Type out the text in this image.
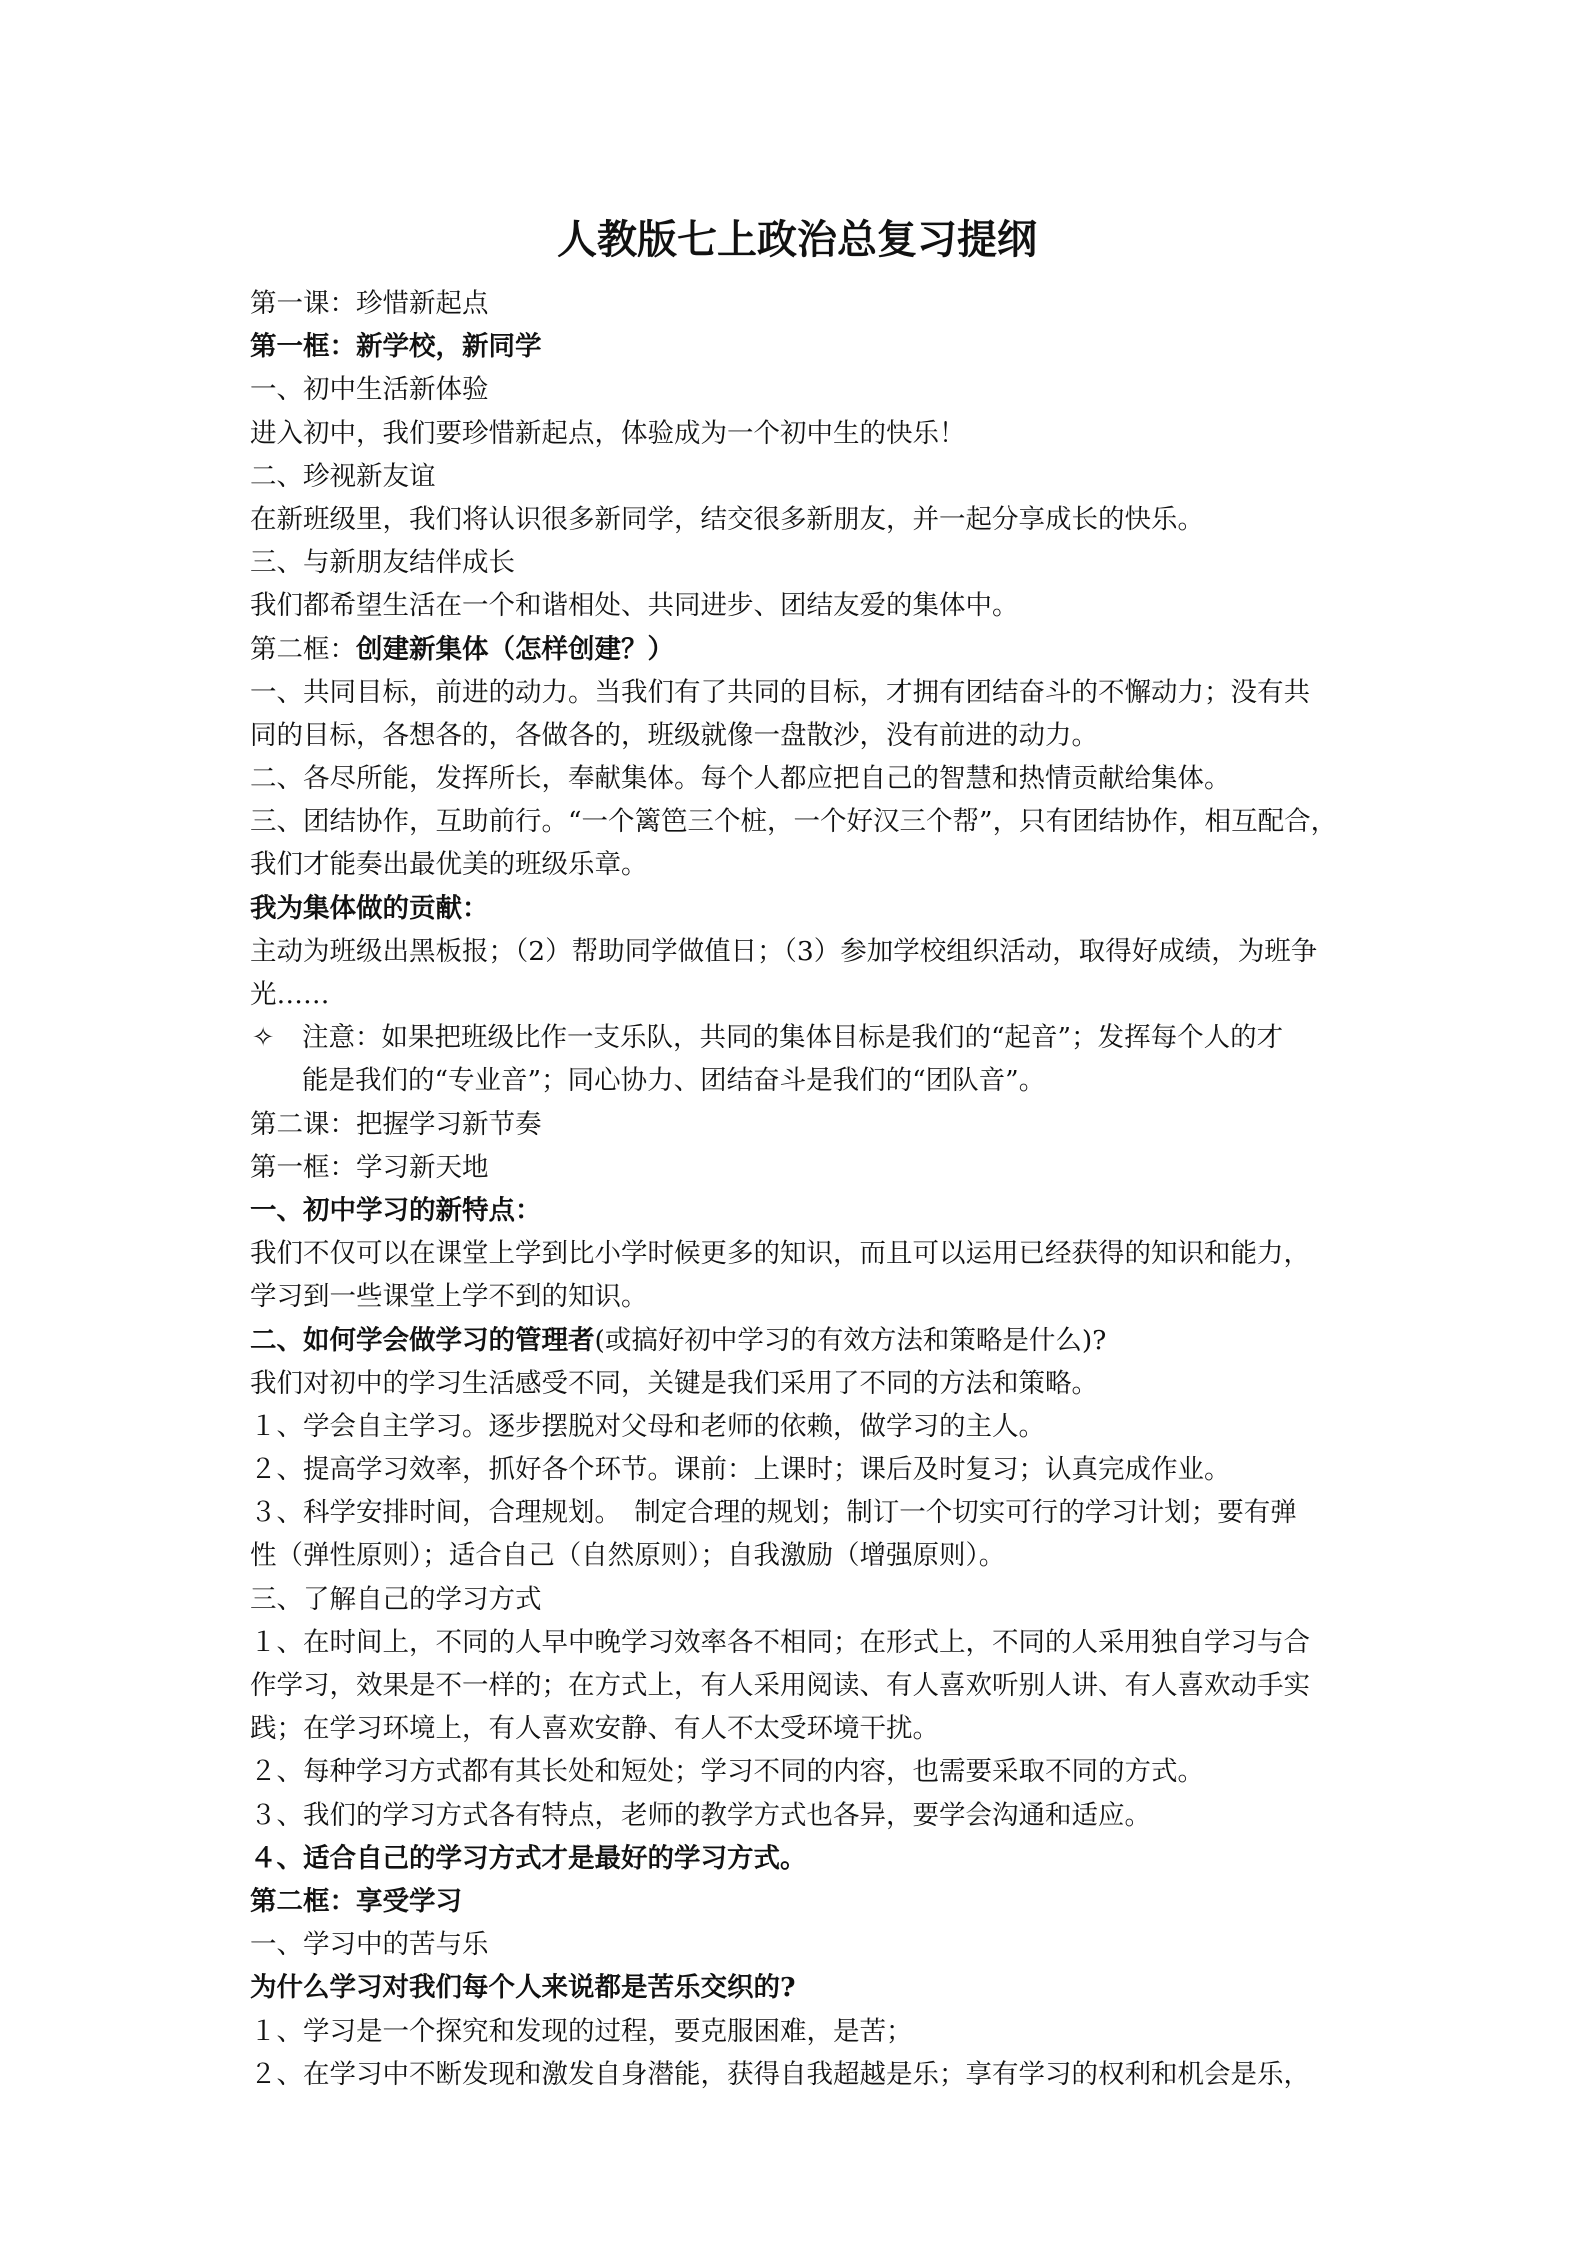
人教版七上政治总复习提纲
第一课：珍惜新起点
第一框：新学校，新同学
一、初中生活新体验
进入初中，我们要珍惜新起点，体验成为一个初中生的快乐！
二、珍视新友谊
在新班级里，我们将认识很多新同学，结交很多新朋友，并一起分享成长的快乐。
三、与新朋友结伴成长
我们都希望生活在一个和谐相处、共同进步、团结友爱的集体中。
第二框：创建新集体（怎样创建？）
一、共同目标，前进的动力。当我们有了共同的目标，才拥有团结奋斗的不懈动力；没有共
同的目标，各想各的，各做各的，班级就像一盘散沙，没有前进的动力。
二、各尽所能，发挥所长，奉献集体。每个人都应把自己的智慧和热情贡献给集体。
三、团结协作，互助前行。“一个篱笆三个桩，一个好汉三个帮”，只有团结协作，相互配合，
我们才能奏出最优美的班级乐章。
我为集体做的贡献：
主动为班级出黑板报；（2）帮助同学做值日；（3）参加学校组织活动，取得好成绩，为班争
光……
✧ 注意：如果把班级比作一支乐队，共同的集体目标是我们的“起音”；发挥每个人的才
能是我们的“专业音”；同心协力、团结奋斗是我们的“团队音”。
第二课：把握学习新节奏
第一框：学习新天地
一、初中学习的新特点：
我们不仅可以在课堂上学到比小学时候更多的知识，而且可以运用已经获得的知识和能力，
学习到一些课堂上学不到的知识。
二、如何学会做学习的管理者(或搞好初中学习的有效方法和策略是什么)?
我们对初中的学习生活感受不同，关键是我们采用了不同的方法和策略。
１、学会自主学习。逐步摆脱对父母和老师的依赖，做学习的主人。
２、提高学习效率，抓好各个环节。课前：上课时；课后及时复习；认真完成作业。
３、科学安排时间，合理规划。　制定合理的规划；制订一个切实可行的学习计划；要有弹
性（弹性原则）；适合自己（自然原则）；自我激励（增强原则）。
三、了解自己的学习方式
１、在时间上，不同的人早中晚学习效率各不相同；在形式上，不同的人采用独自学习与合
作学习，效果是不一样的；在方式上，有人采用阅读、有人喜欢听别人讲、有人喜欢动手实
践；在学习环境上，有人喜欢安静、有人不太受环境干扰。
２、每种学习方式都有其长处和短处；学习不同的内容，也需要采取不同的方式。
３、我们的学习方式各有特点，老师的教学方式也各异，要学会沟通和适应。
４、适合自己的学习方式才是最好的学习方式。
第二框：享受学习
一、学习中的苦与乐
为什么学习对我们每个人来说都是苦乐交织的?
１、学习是一个探究和发现的过程，要克服困难，是苦；
２、在学习中不断发现和激发自身潜能，获得自我超越是乐；享有学习的权利和机会是乐，
